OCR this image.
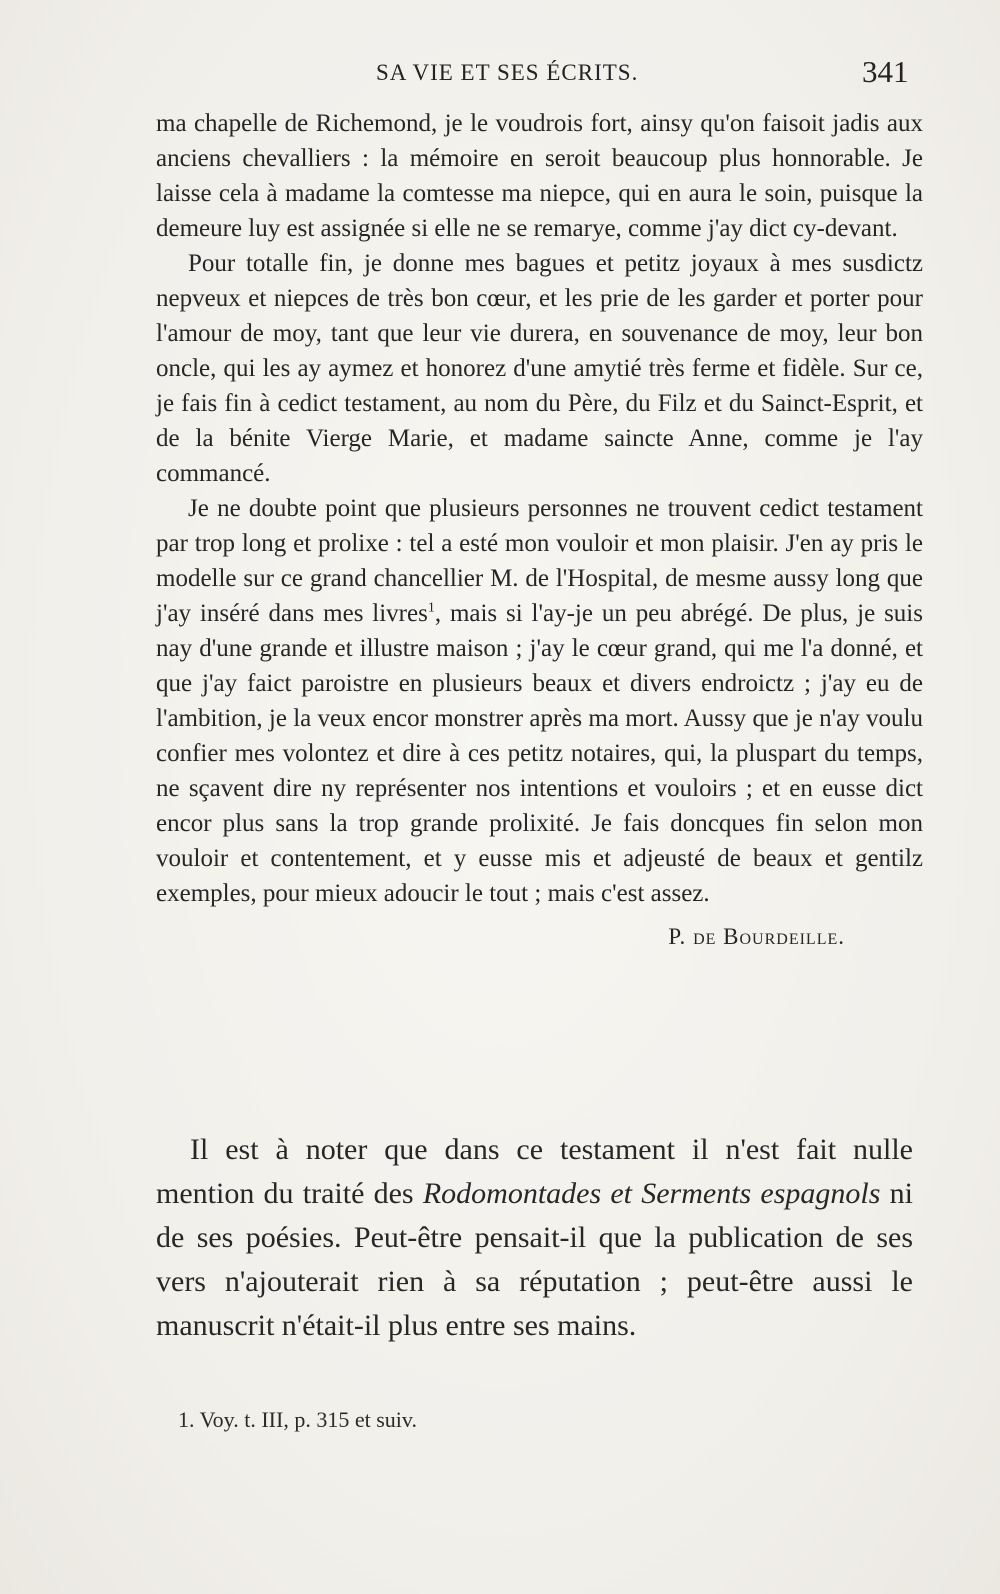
SA VIE ET SES ÉCRITS.	341

ma chapelle de Richemond, je le voudrois fort, ainsy qu'on faisoit jadis aux anciens chevalliers : la mémoire en seroit beaucoup plus honnorable. Je laisse cela à madame la comtesse ma niepce, qui en aura le soin, puisque la demeure luy est assignée si elle ne se remarye, comme j'ay dict cy-devant.

Pour totalle fin, je donne mes bagues et petitz joyaux à mes susdictz nepveux et niepces de très bon cœur, et les prie de les garder et porter pour l'amour de moy, tant que leur vie durera, en souvenance de moy, leur bon oncle, qui les ay aymez et honorez d'une amytié très ferme et fidèle. Sur ce, je fais fin à cedict testament, au nom du Père, du Filz et du Sainct-Esprit, et de la bénite Vierge Marie, et madame saincte Anne, comme je l'ay commancé.

Je ne doubte point que plusieurs personnes ne trouvent cedict testament par trop long et prolixe : tel a esté mon vouloir et mon plaisir. J'en ay pris le modelle sur ce grand chancellier M. de l'Hospital, de mesme aussy long que j'ay inséré dans mes livres$^1$, mais si l'ay-je un peu abrégé. De plus, je suis nay d'une grande et illustre maison ; j'ay le cœur grand, qui me l'a donné, et que j'ay faict paroistre en plusieurs beaux et divers endroictz ; j'ay eu de l'ambition, je la veux encor monstrer après ma mort. Aussy que je n'ay voulu confier mes volontez et dire à ces petitz notaires, qui, la pluspart du temps, ne sçavent dire ny représenter nos intentions et vouloirs ; et en eusse dict encor plus sans la trop grande prolixité. Je fais doncques fin selon mon vouloir et contentement, et y eusse mis et adjeusté de beaux et gentilz exemples, pour mieux adoucir le tout ; mais c'est assez.

P. de Bourdeille.

Il est à noter que dans ce testament il n'est fait nulle mention du traité des Rodomontades et Serments espagnols ni de ses poésies. Peut-être pensait-il que la publication de ses vers n'ajouterait rien à sa réputation ; peut-être aussi le manuscrit n'était-il plus entre ses mains.

1. Voy. t. III, p. 315 et suiv.
